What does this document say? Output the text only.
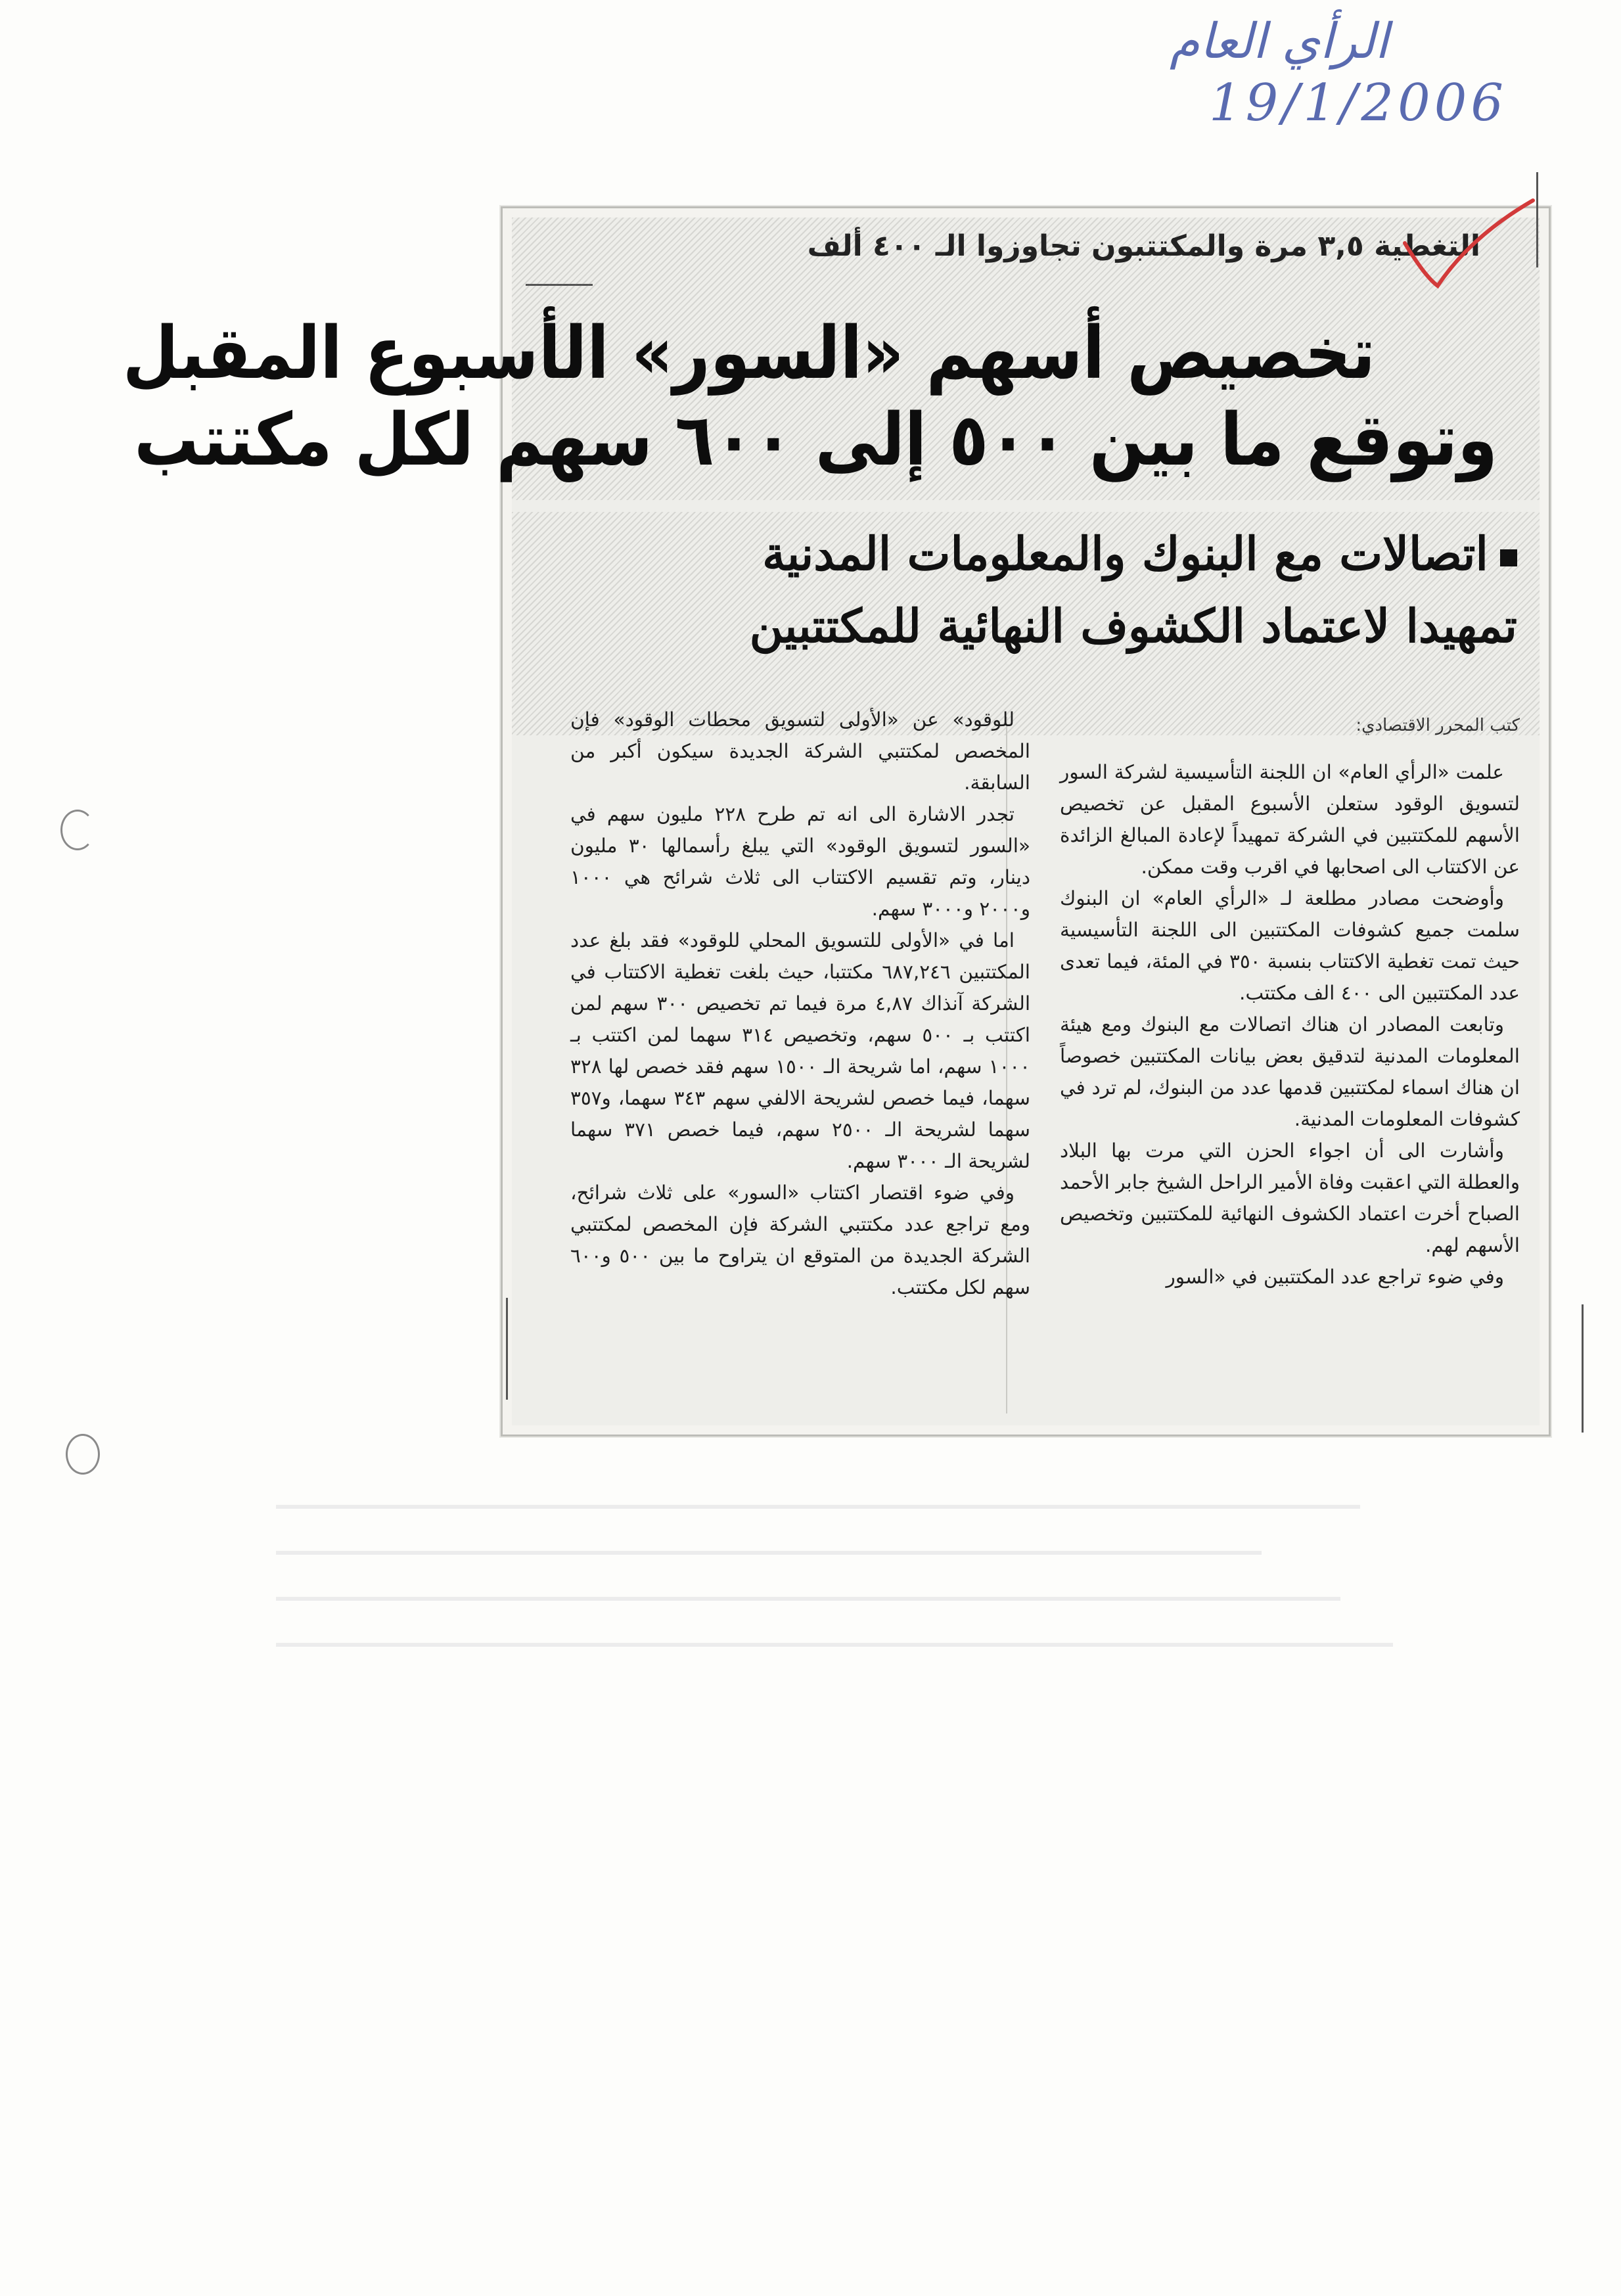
الرأي العام
19/1/2006
التغطية ٣,٥ مرة والمكتتبون تجاوزوا الـ ٤٠٠ ألف
تخصيص أسهم «السور» الأسبوع المقبل
وتوقع ما بين ٥٠٠ إلى ٦٠٠ سهم لكل مكتتب
اتصالات مع البنوك والمعلومات المدنية
تمهيدا لاعتماد الكشوف النهائية للمكتتبين
كتب المحرر الاقتصادي:

علمت «الرأي العام» ان اللجنة التأسيسية لشركة السور لتسويق الوقود ستعلن الأسبوع المقبل عن تخصيص الأسهم للمكتتبين في الشركة تمهيداً لإعادة المبالغ الزائدة عن الاكتتاب الى اصحابها في اقرب وقت ممكن.

وأوضحت مصادر مطلعة لـ «الرأي العام» ان البنوك سلمت جميع كشوفات المكتتبين الى اللجنة التأسيسية حيث تمت تغطية الاكتتاب بنسبة ٣٥٠ في المئة، فيما تعدى عدد المكتتبين الى ٤٠٠ الف مكتتب.

وتابعت المصادر ان هناك اتصالات مع البنوك ومع هيئة المعلومات المدنية لتدقيق بعض بيانات المكتتبين خصوصاً ان هناك اسماء لمكتتبين قدمها عدد من البنوك، لم ترد في كشوفات المعلومات المدنية.

وأشارت الى أن اجواء الحزن التي مرت بها البلاد والعطلة التي اعقبت وفاة الأمير الراحل الشيخ جابر الأحمد الصباح أخرت اعتماد الكشوف النهائية للمكتتبين وتخصيص الأسهم لهم.

وفي ضوء تراجع عدد المكتتبين في «السور

للوقود» عن «الأولى لتسويق محطات الوقود» فإن المخصص لمكتتبي الشركة الجديدة سيكون أكبر من السابقة.

تجدر الاشارة الى انه تم طرح ٢٢٨ مليون سهم في «السور لتسويق الوقود» التي يبلغ رأسمالها ٣٠ مليون دينار، وتم تقسيم الاكتتاب الى ثلاث شرائح هي ١٠٠٠ و٢٠٠٠ و٣٠٠٠ سهم.

اما في «الأولى للتسويق المحلي للوقود» فقد بلغ عدد المكتتبين ٦٨٧,٢٤٦ مكتتبا، حيث بلغت تغطية الاكتتاب في الشركة آنذاك ٤,٨٧ مرة فيما تم تخصيص ٣٠٠ سهم لمن اكتتب بـ ٥٠٠ سهم، وتخصيص ٣١٤ سهما لمن اكتتب بـ ١٠٠٠ سهم، اما شريحة الـ ١٥٠٠ سهم فقد خصص لها ٣٢٨ سهما، فيما خصص لشريحة الالفي سهم ٣٤٣ سهما، و٣٥٧ سهما لشريحة الـ ٢٥٠٠ سهم، فيما خصص ٣٧١ سهما لشريحة الـ ٣٠٠٠ سهم.

وفي ضوء اقتصار اكتتاب «السور» على ثلاث شرائح، ومع تراجع عدد مكتتبي الشركة فإن المخصص لمكتتبي الشركة الجديدة من المتوقع ان يتراوح ما بين ٥٠٠ و٦٠٠ سهم لكل مكتتب.
